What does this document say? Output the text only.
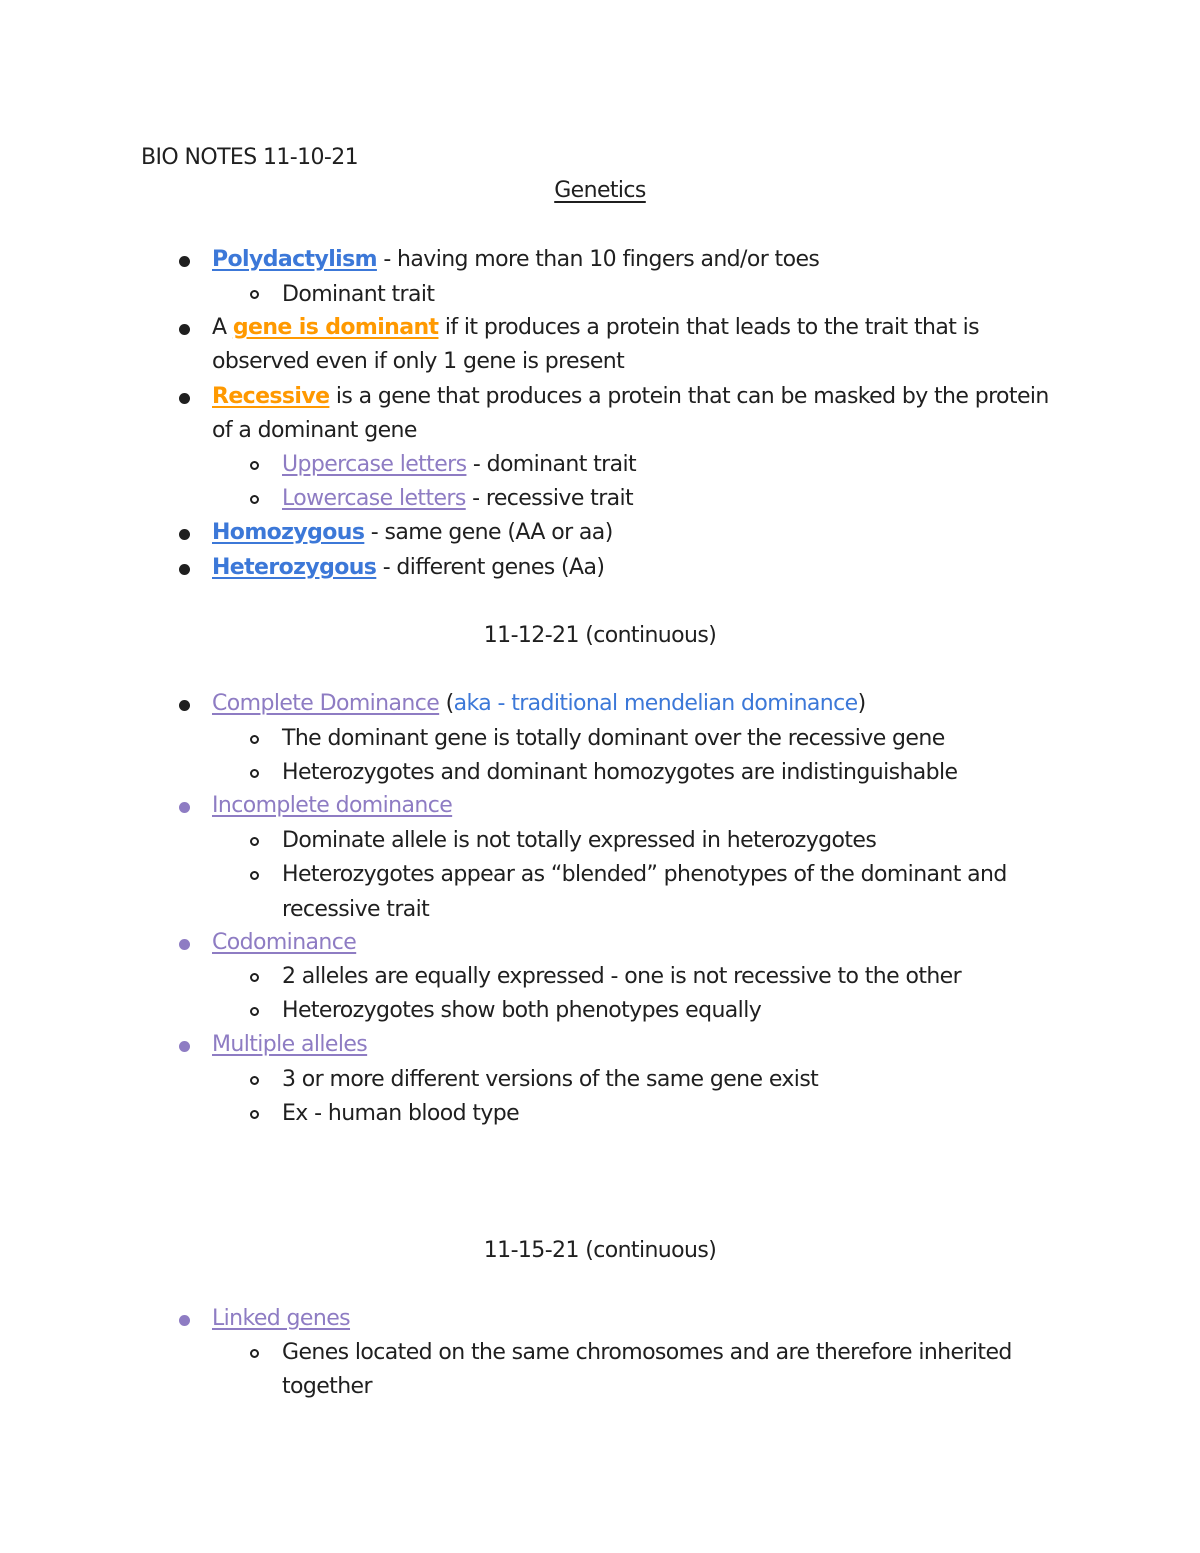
BIO NOTES 11-10-21
Genetics
Polydactylism - having more than 10 fingers and/or toes
Dominant trait
A gene is dominant if it produces a protein that leads to the trait that is
observed even if only 1 gene is present
Recessive is a gene that produces a protein that can be masked by the protein
of a dominant gene
Uppercase letters - dominant trait
Lowercase letters - recessive trait
Homozygous - same gene (AA or aa)
Heterozygous - different genes (Aa)
11-12-21 (continuous)
Complete Dominance (aka - traditional mendelian dominance)
The dominant gene is totally dominant over the recessive gene
Heterozygotes and dominant homozygotes are indistinguishable
Incomplete dominance
Dominate allele is not totally expressed in heterozygotes
Heterozygotes appear as “blended” phenotypes of the dominant and
recessive trait
Codominance
2 alleles are equally expressed - one is not recessive to the other
Heterozygotes show both phenotypes equally
Multiple alleles
3 or more different versions of the same gene exist
Ex - human blood type
11-15-21 (continuous)
Linked genes
Genes located on the same chromosomes and are therefore inherited
together
